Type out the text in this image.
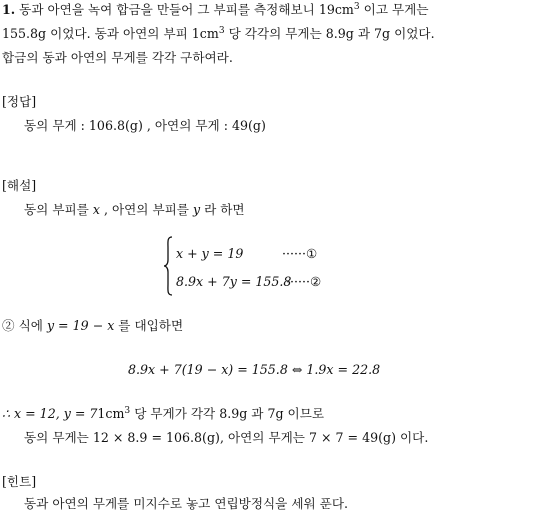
1. 동과 아연을 녹여 합금을 만들어 그 부피를 측정해보니 $19cm^3$ 이고 무게는
155.8g 이었다. 동과 아연의 부피 $1cm^3$ 당 각각의 무게는 8.9g 과 7g 이었다.
합금의 동과 아연의 무게를 각각 구하여라.
[정답]
동의 무게 : 106.8(g) , 아연의 무게 : 49(g)
[해설]
동의 부피를 x , 아연의 부피를 y 라 하면
x + y = 19	······①
8.9x + 7y = 155.8
······②
② 식에 y = 19 − x 를 대입하면
8.9x + 7(19 − x) = 155.8 ⇔ 1.9x = 22.8
∴ x = 12, $y = 71cm^3$ 당 무게가 각각 8.9g 과 7g 이므로
동의 무게는 12 × 8.9 = 106.8(g), 아연의 무게는 7 × 7 = 49(g) 이다.
[힌트]
동과 아연의 무게를 미지수로 놓고 연립방정식을 세워 푼다.
